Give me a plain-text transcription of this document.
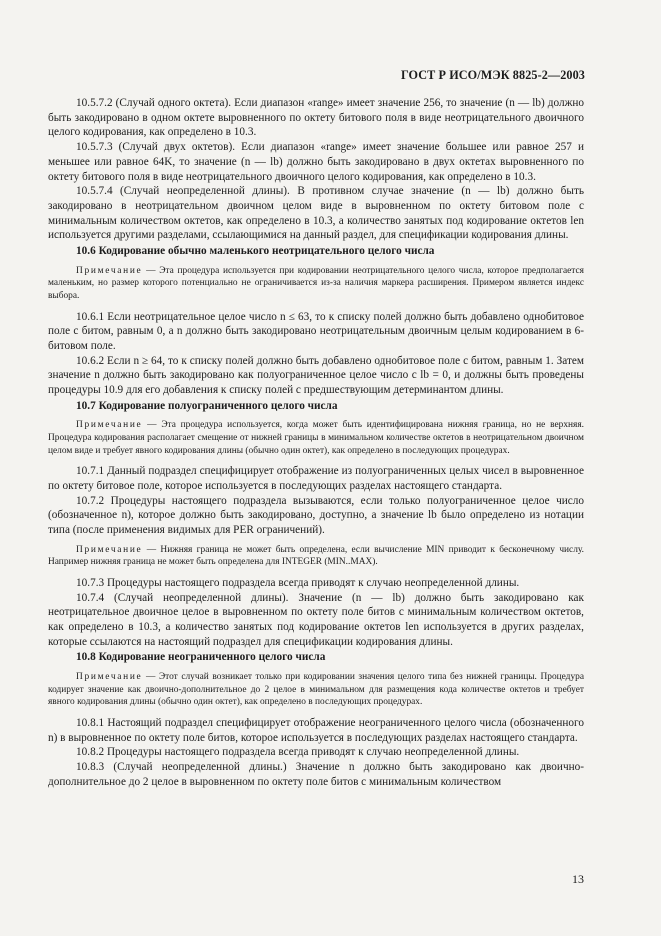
ГОСТ Р ИСО/МЭК 8825-2—2003

10.5.7.2 (Случай одного октета). Если диапазон «range» имеет значение 256, то значение (n — lb) должно быть закодировано в одном октете выровненного по октету битового поля в виде неотрицательного двоичного целого кодирования, как определено в 10.3.

10.5.7.3 (Случай двух октетов). Если диапазон «range» имеет значение большее или равное 257 и меньшее или равное 64K, то значение (n — lb) должно быть закодировано в двух октетах выровненного по октету битового поля в виде неотрицательного двоичного целого кодирования, как определено в 10.3.

10.5.7.4 (Случай неопределенной длины). В противном случае значение (n — lb) должно быть закодировано в неотрицательном двоичном целом виде в выровненном по октету битовом поле с минимальным количеством октетов, как определено в 10.3, а количество занятых под кодирование октетов len используется другими разделами, ссылающимися на данный раздел, для спецификации кодирования длины.

10.6 Кодирование обычно маленького неотрицательного целого числа
Примечание — Эта процедура используется при кодировании неотрицательного целого числа, которое предполагается маленьким, но размер которого потенциально не ограничивается из-за наличия маркера расширения. Примером является индекс выбора.

10.6.1 Если неотрицательное целое число n ≤ 63, то к списку полей должно быть добавлено однобитовое поле с битом, равным 0, а n должно быть закодировано неотрицательным двоичным целым кодированием в 6-битовом поле.

10.6.2 Если n ≥ 64, то к списку полей должно быть добавлено однобитовое поле с битом, равным 1. Затем значение n должно быть закодировано как полуограниченное целое число с lb = 0, и должны быть проведены процедуры 10.9 для его добавления к списку полей с предшествующим детерминантом длины.

10.7 Кодирование полуограниченного целого числа
Примечание — Эта процедура используется, когда может быть идентифицирована нижняя граница, но не верхняя. Процедура кодирования располагает смещение от нижней границы в минимальном количестве октетов в неотрицательном двоичном целом виде и требует явного кодирования длины (обычно один октет), как определено в последующих процедурах.

10.7.1 Данный подраздел специфицирует отображение из полуограниченных целых чисел в выровненное по октету битовое поле, которое используется в последующих разделах настоящего стандарта.

10.7.2 Процедуры настоящего подраздела вызываются, если только полуограниченное целое число (обозначенное n), которое должно быть закодировано, доступно, а значение lb было определено из нотации типа (после применения видимых для PER ограничений).

Примечание — Нижняя граница не может быть определена, если вычисление MIN приводит к бесконечному числу. Например нижняя граница не может быть определена для INTEGER (MIN..MAX).

10.7.3 Процедуры настоящего подраздела всегда приводят к случаю неопределенной длины.

10.7.4 (Случай неопределенной длины). Значение (n — lb) должно быть закодировано как неотрицательное двоичное целое в выровненном по октету поле битов с минимальным количеством октетов, как определено в 10.3, а количество занятых под кодирование октетов len используется в других разделах, которые ссылаются на настоящий подраздел для спецификации кодирования длины.

10.8 Кодирование неограниченного целого числа
Примечание — Этот случай возникает только при кодировании значения целого типа без нижней границы. Процедура кодирует значение как двоично-дополнительное до 2 целое в минимальном для размещения кода количестве октетов и требует явного кодирования длины (обычно один октет), как определено в последующих процедурах.

10.8.1 Настоящий подраздел специфицирует отображение неограниченного целого числа (обозначенного n) в выровненное по октету поле битов, которое используется в последующих разделах настоящего стандарта.

10.8.2 Процедуры настоящего подраздела всегда приводят к случаю неопределенной длины.

10.8.3 (Случай неопределенной длины.) Значение n должно быть закодировано как двоично-дополнительное до 2 целое в выровненном по октету поле битов с минимальным количеством

13
